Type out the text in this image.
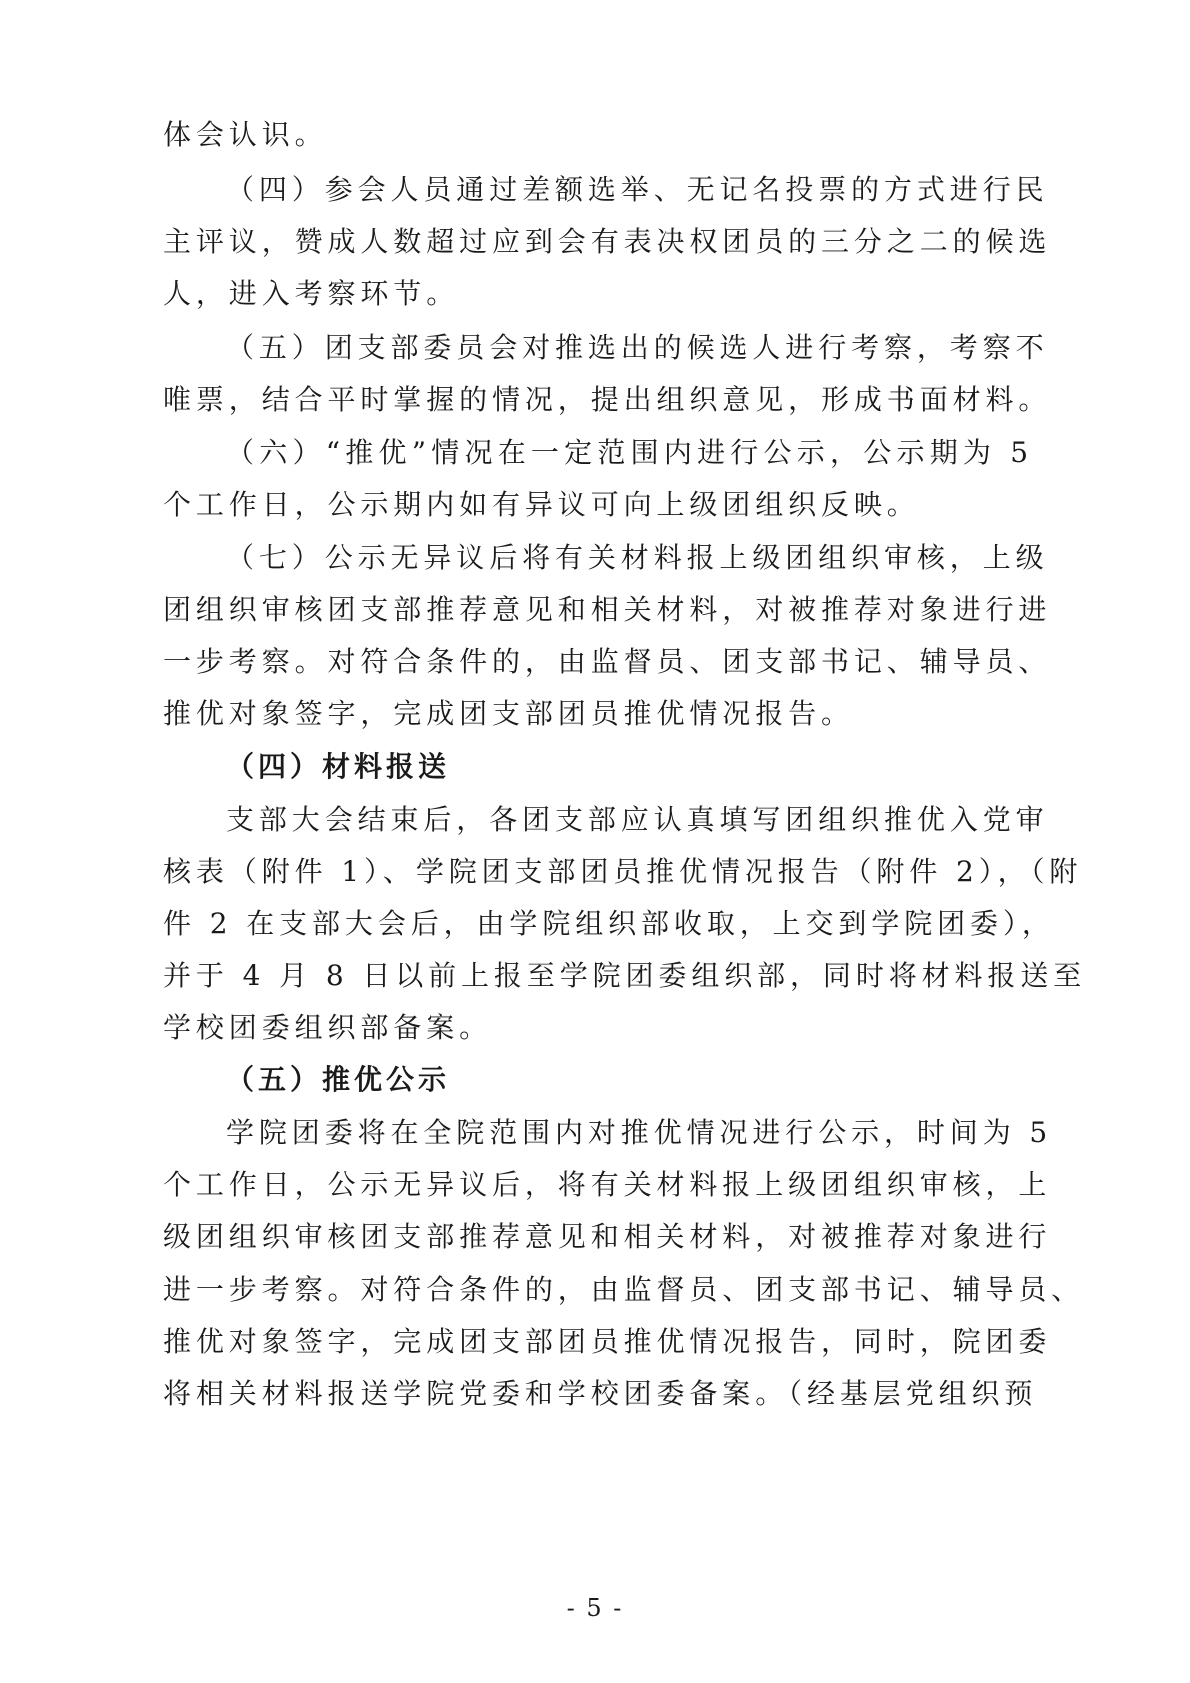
体会认识。
（四）参会人员通过差额选举、无记名投票的方式进行民
主评议，赞成人数超过应到会有表决权团员的三分之二的候选
人，进入考察环节。
（五）团支部委员会对推选出的候选人进行考察，考察不
唯票，结合平时掌握的情况，提出组织意见，形成书面材料。
（六）“推优”情况在一定范围内进行公示，公示期为 5
个工作日，公示期内如有异议可向上级团组织反映。
（七）公示无异议后将有关材料报上级团组织审核，上级
团组织审核团支部推荐意见和相关材料，对被推荐对象进行进
一步考察。对符合条件的，由监督员、团支部书记、辅导员、
推优对象签字，完成团支部团员推优情况报告。
（四）材料报送
支部大会结束后，各团支部应认真填写团组织推优入党审
核表（附件 1）、学院团支部团员推优情况报告（附件 2），（附
件 2 在支部大会后，由学院组织部收取，上交到学院团委），
并于 4 月 8 日以前上报至学院团委组织部，同时将材料报送至
学校团委组织部备案。
（五）推优公示
学院团委将在全院范围内对推优情况进行公示，时间为 5
个工作日，公示无异议后，将有关材料报上级团组织审核，上
级团组织审核团支部推荐意见和相关材料，对被推荐对象进行
进一步考察。对符合条件的，由监督员、团支部书记、辅导员、
推优对象签字，完成团支部团员推优情况报告，同时，院团委
将相关材料报送学院党委和学校团委备案。（经基层党组织预
- 5 -
